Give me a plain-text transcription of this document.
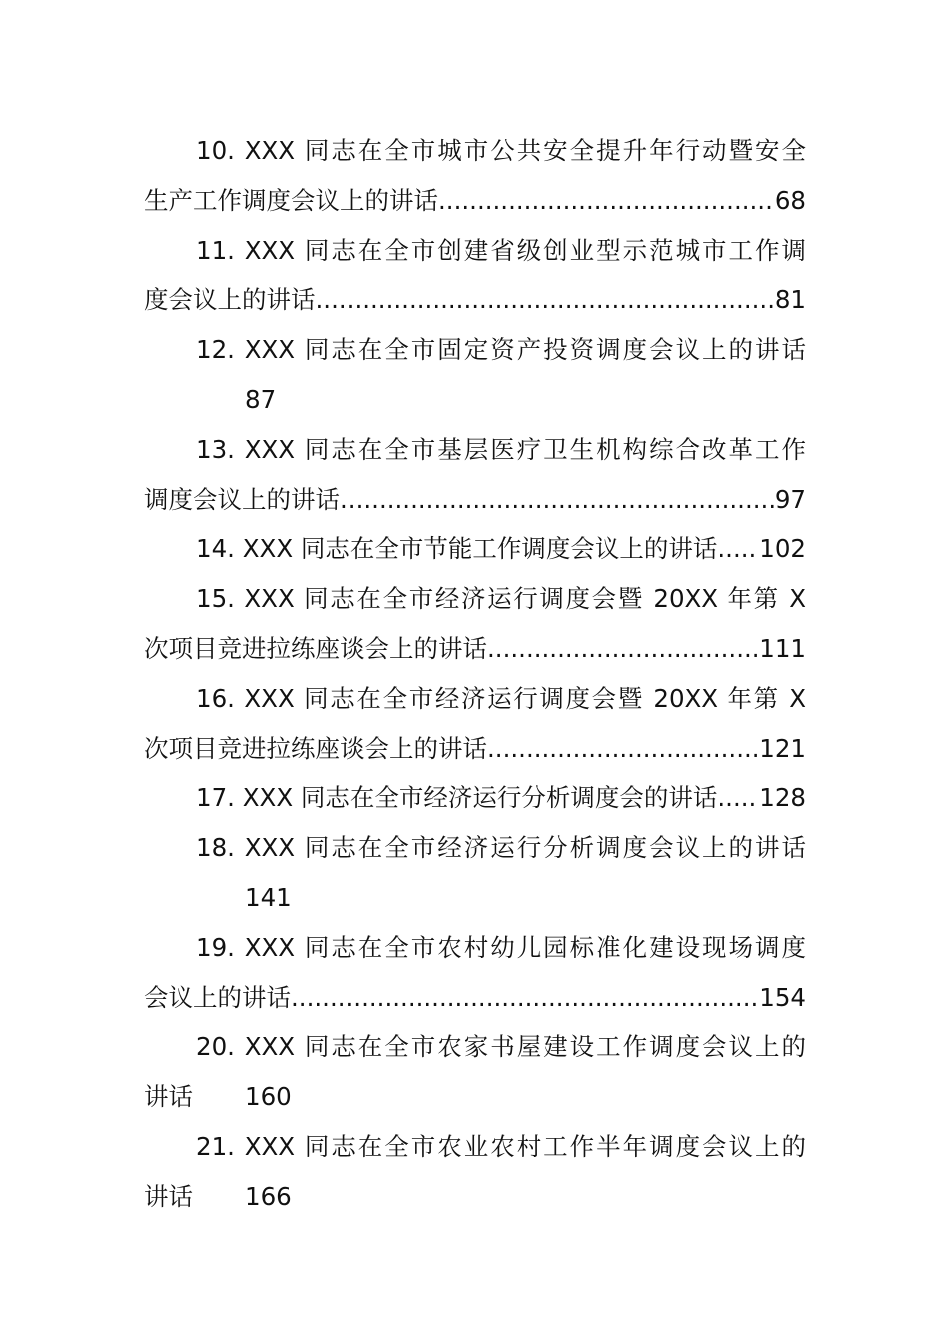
10. XXX 同志在全市城市公共安全提升年行动暨安全
生产工作调度会议上的讲话 .....	68
11. XXX 同志在全市创建省级创业型示范城市工作调
度会议上的讲话 .....	81
12. XXX 同志在全市固定资产投资调度会议上的讲话
87
13. XXX 同志在全市基层医疗卫生机构综合改革工作
调度会议上的讲话 .....	97
14. XXX 同志在全市节能工作调度会议上的讲话 ..... 102
15. XXX 同志在全市经济运行调度会暨 20XX 年第 X
次项目竞进拉练座谈会上的讲话 .....	111
16. XXX 同志在全市经济运行调度会暨 20XX 年第 X
次项目竞进拉练座谈会上的讲话 .....	121
17. XXX 同志在全市经济运行分析调度会的讲话 ..... 128
18. XXX 同志在全市经济运行分析调度会议上的讲话
141
19. XXX 同志在全市农村幼儿园标准化建设现场调度
会议上的讲话 .....	154
20. XXX 同志在全市农家书屋建设工作调度会议上的
讲话 160
21. XXX 同志在全市农业农村工作半年调度会议上的
讲话 166
